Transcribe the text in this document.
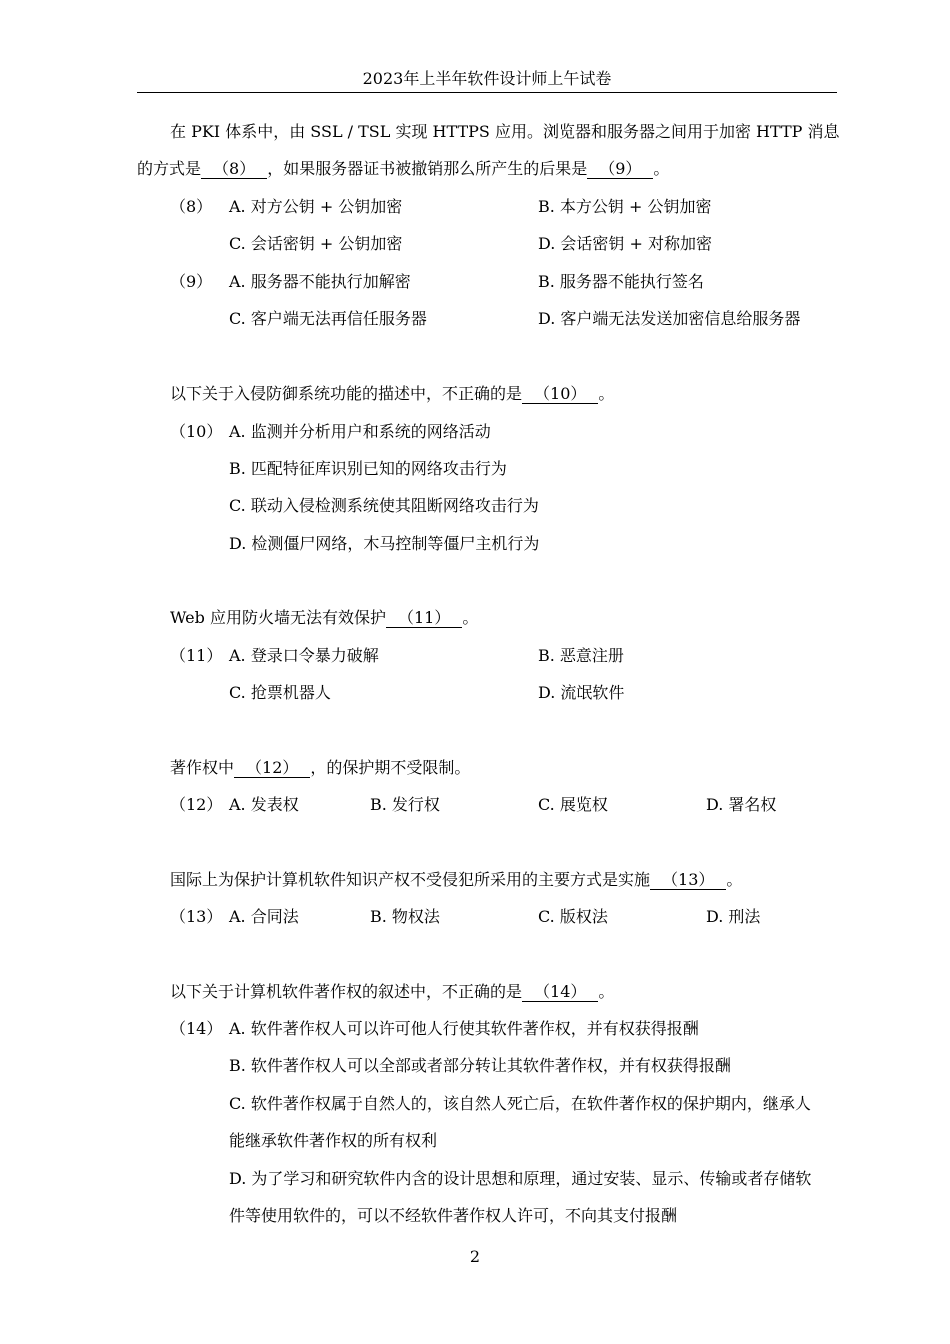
2023年上半年软件设计师上午试卷
在 PKI 体系中，由 SSL / TSL 实现 HTTPS 应用。浏览器和服务器之间用于加密 HTTP 消息
的方式是 （8） ，如果服务器证书被撤销那么所产生的后果是 （9） 。
（8） A. 对方公钥 + 公钥加密	B. 本方公钥 + 公钥加密
C. 会话密钥 + 公钥加密	D. 会话密钥 + 对称加密
（9） A. 服务器不能执行加解密	B. 服务器不能执行签名
C. 客户端无法再信任服务器	D. 客户端无法发送加密信息给服务器
以下关于入侵防御系统功能的描述中，不正确的是 （10） 。
（10） A. 监测并分析用户和系统的网络活动
B. 匹配特征库识别已知的网络攻击行为
C. 联动入侵检测系统使其阻断网络攻击行为
D. 检测僵尸网络，木马控制等僵尸主机行为
Web 应用防火墙无法有效保护 （11） 。
（11） A. 登录口令暴力破解	B. 恶意注册
C. 抢票机器人	D. 流氓软件
著作权中 （12） ，的保护期不受限制。
（12） A. 发表权	B. 发行权	C. 展览权	D. 署名权
国际上为保护计算机软件知识产权不受侵犯所采用的主要方式是实施 （13） 。
（13） A. 合同法	B. 物权法	C. 版权法	D. 刑法
以下关于计算机软件著作权的叙述中，不正确的是 （14） 。
（14） A. 软件著作权人可以许可他人行使其软件著作权，并有权获得报酬
B. 软件著作权人可以全部或者部分转让其软件著作权，并有权获得报酬
C. 软件著作权属于自然人的，该自然人死亡后，在软件著作权的保护期内，继承人
能继承软件著作权的所有权利
D. 为了学习和研究软件内含的设计思想和原理，通过安装、显示、传输或者存储软
件等使用软件的，可以不经软件著作权人许可，不向其支付报酬
2
